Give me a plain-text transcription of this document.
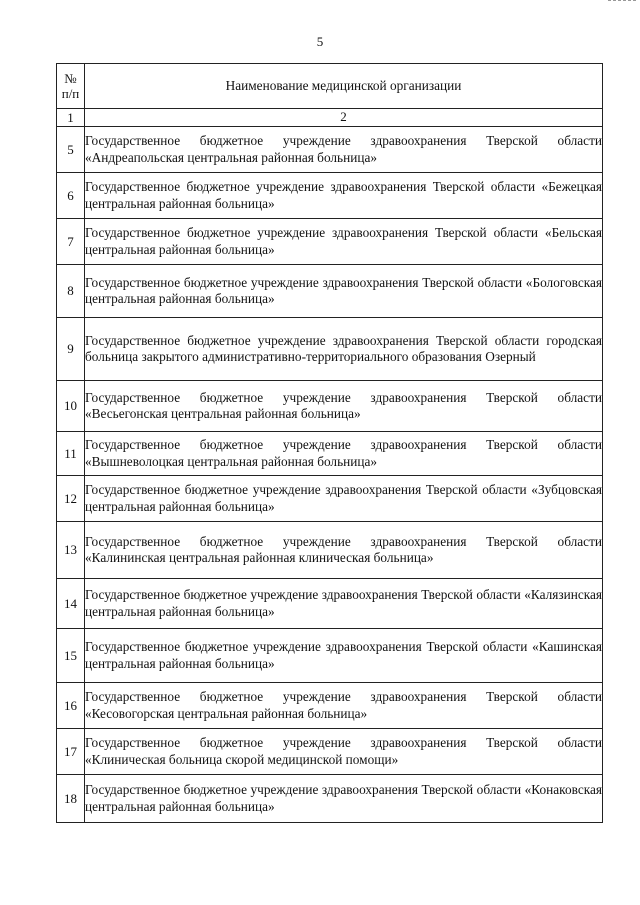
5
№
п/п	Наименование медицинской организации
1	2
5	Государственное бюджетное учреждение здравоохранения Тверской области «Андреапольская центральная районная больница»
6	Государственное бюджетное учреждение здравоохранения Тверской области «Бежецкая центральная районная больница»
7	Государственное бюджетное учреждение здравоохранения Тверской области «Бельская центральная районная больница»
8	Государственное бюджетное учреждение здравоохранения Тверской области «Бологовская центральная районная больница»
9	Государственное бюджетное учреждение здравоохранения Тверской области городская больница закрытого административно-территориального образования Озерный
10	Государственное бюджетное учреждение здравоохранения Тверской области «Весьегонская центральная районная больница»
11	Государственное бюджетное учреждение здравоохранения Тверской области «Вышневолоцкая центральная районная больница»
12	Государственное бюджетное учреждение здравоохранения Тверской области «Зубцовская центральная районная больница»
13	Государственное бюджетное учреждение здравоохранения Тверской области «Калининская центральная районная клиническая больница»
14	Государственное бюджетное учреждение здравоохранения Тверской области «Калязинская центральная районная больница»
15	Государственное бюджетное учреждение здравоохранения Тверской области «Кашинская центральная районная больница»
16	Государственное бюджетное учреждение здравоохранения Тверской области «Кесовогорская центральная районная больница»
17	Государственное бюджетное учреждение здравоохранения Тверской области «Клиническая больница скорой медицинской помощи»
18	Государственное бюджетное учреждение здравоохранения Тверской области «Конаковская центральная районная больница»
